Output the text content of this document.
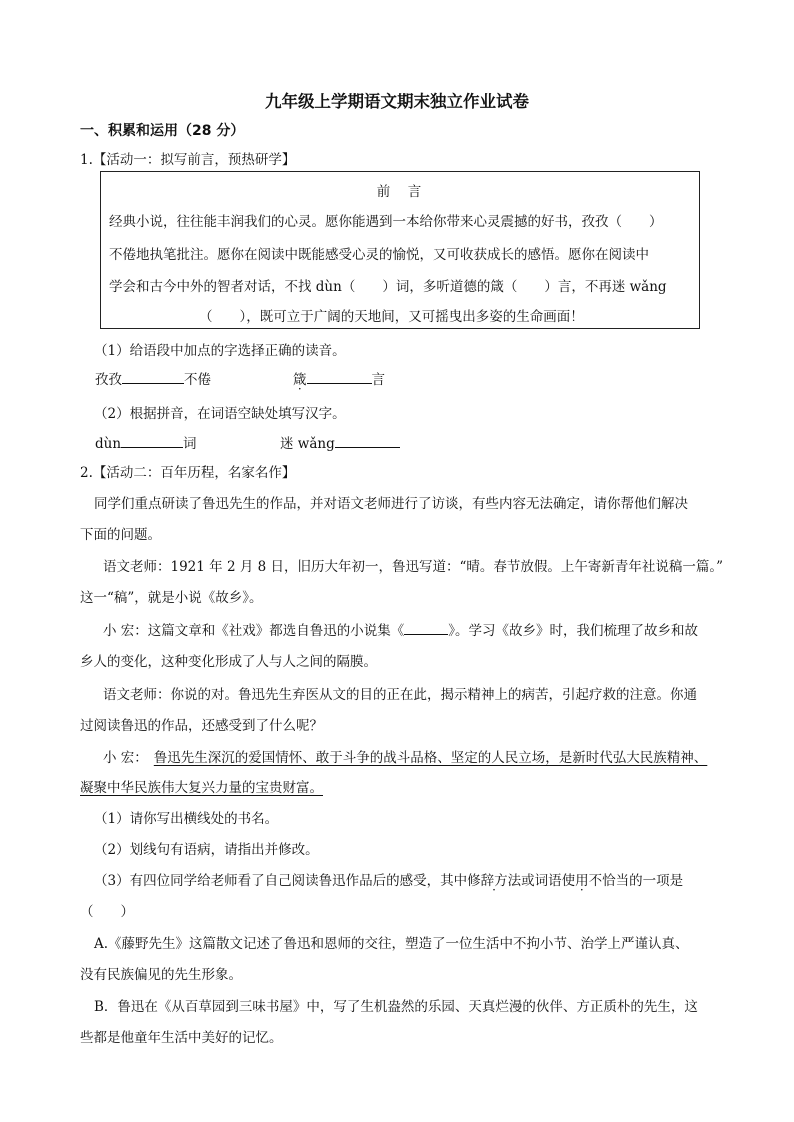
九年级上学期语文期末独立作业试卷
一、积累和运用（28 分）
1.【活动一：拟写前言，预热研学】
前　言
经典小说，往往能丰润我们的心灵。愿你能遇到一本给你带来心灵震撼的好书，孜孜（　　）
不倦地执笔批注。愿你在阅读中既能感受心灵的愉悦，又可收获成长的感悟。愿你在阅读中
学会和古今中外的智者对话，不找 dùn（　　）词，多听道德的箴（　　）言，不再迷 wǎng
（　　），既可立于广阔的天地间，又可摇曳出多姿的生命画面！
（1）给语段中加点的字选择正确的读音。
孜孜	不倦	箴	言
（2）根据拼音，在词语空缺处填写汉字。
dùn	词	迷 wǎng
2.【活动二：百年历程，名家名作】
同学们重点研读了鲁迅先生的作品，并对语文老师进行了访谈，有些内容无法确定，请你帮他们解决
下面的问题。
语文老师：1921 年 2 月 8 日，旧历大年初一，鲁迅写道：“晴。春节放假。上午寄新青年社说稿一篇。”
这一“稿”，就是小说《故乡》。
小 宏：这篇文章和《社戏》都选自鲁迅的小说集《	》。学习《故乡》时，我们梳理了故乡和故
乡人的变化，这种变化形成了人与人之间的隔膜。
语文老师：你说的对。鲁迅先生弃医从文的目的正在此，揭示精神上的病苦，引起疗救的注意。你通
过阅读鲁迅的作品，还感受到了什么呢？
小 宏： 鲁迅先生深沉的爱国情怀、敢于斗争的战斗品格、坚定的人民立场，是新时代弘大民族精神、
凝聚中华民族伟大复兴力量的宝贵财富。
（1）请你写出横线处的书名。
（2）划线句有语病，请指出并修改。
（3）有四位同学给老师看了自己阅读鲁迅作品后的感受，其中修辞方法或词语使用不恰当 ·的一项是
（　　）
A.《藤野先生》这篇散文记述了鲁迅和恩师的交往，塑造了一位生活中不拘小节、治学上严谨认真、
没有民族偏见的先生形象。
B．鲁迅在《从百草园到三味书屋》中，写了生机盎然的乐园、天真烂漫的伙伴、方正质朴的先生，这
些都是他童年生活中美好的记忆。
